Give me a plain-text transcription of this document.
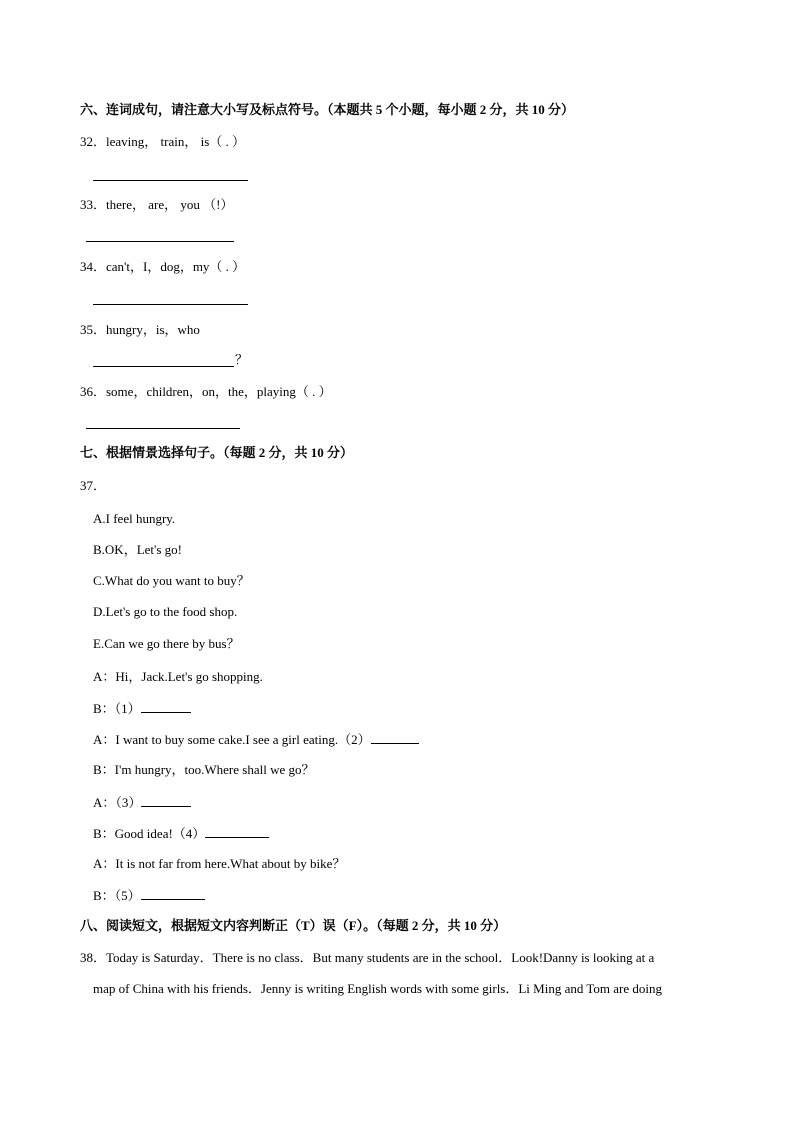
六、连词成句，请注意大小写及标点符号。（本题共 5 个小题，每小题 2 分，共 10 分）
32．leaving， train， is（ . ）
33．there， are， you （!）
34．can't，I，dog，my（ . ）
35．hungry，is，who
？
36．some，children，on，the，playing（ . ）
七、根据情景选择句子。（每题 2 分，共 10 分）
37．
A.I feel hungry.
B.OK，Let's go!
C.What do you want to buy？
D.Let's go to the food shop.
E.Can we go there by bus？
A：Hi，Jack.Let's go shopping.
B：（1）
A：I want to buy some cake.I see a girl eating.（2）
B：I'm hungry，too.Where shall we go？
A：（3）
B：Good idea!（4）
A：It is not far from here.What about by bike？
B：（5）
八、阅读短文，根据短文内容判断正（T）误（F）。（每题 2 分，共 10 分）
38．Today is Saturday．There is no class．But many students are in the school．Look!Danny is looking at a
map of China with his friends．Jenny is writing English words with some girls．Li Ming and Tom are doing
